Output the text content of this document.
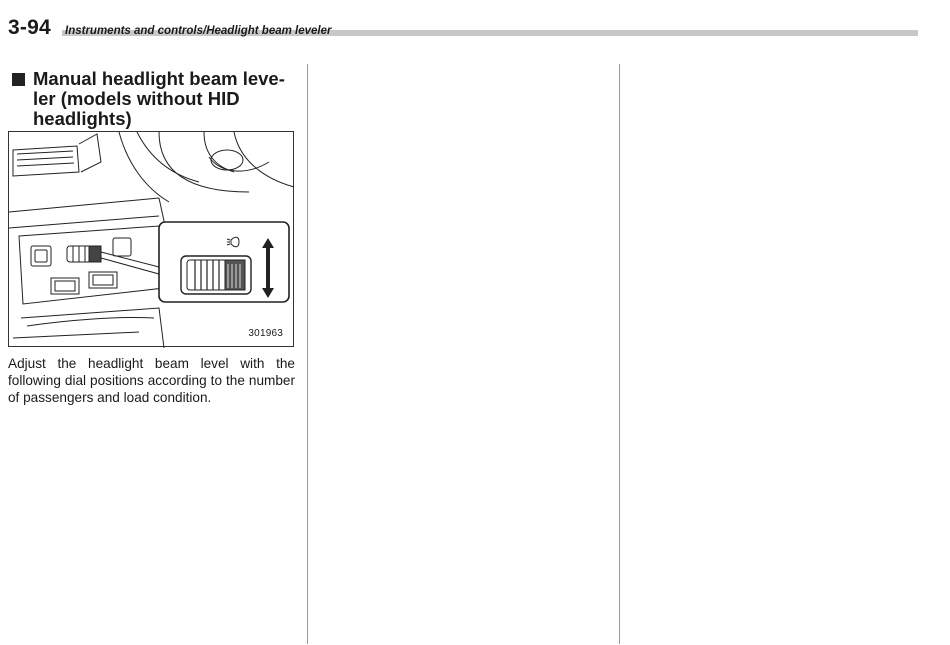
3-94 Instruments and controls/Headlight beam leveler
Manual headlight beam leve-
ler (models without HID
headlights)
301963
Adjust the headlight beam level with the following dial positions according to the number of passengers and load condition.
